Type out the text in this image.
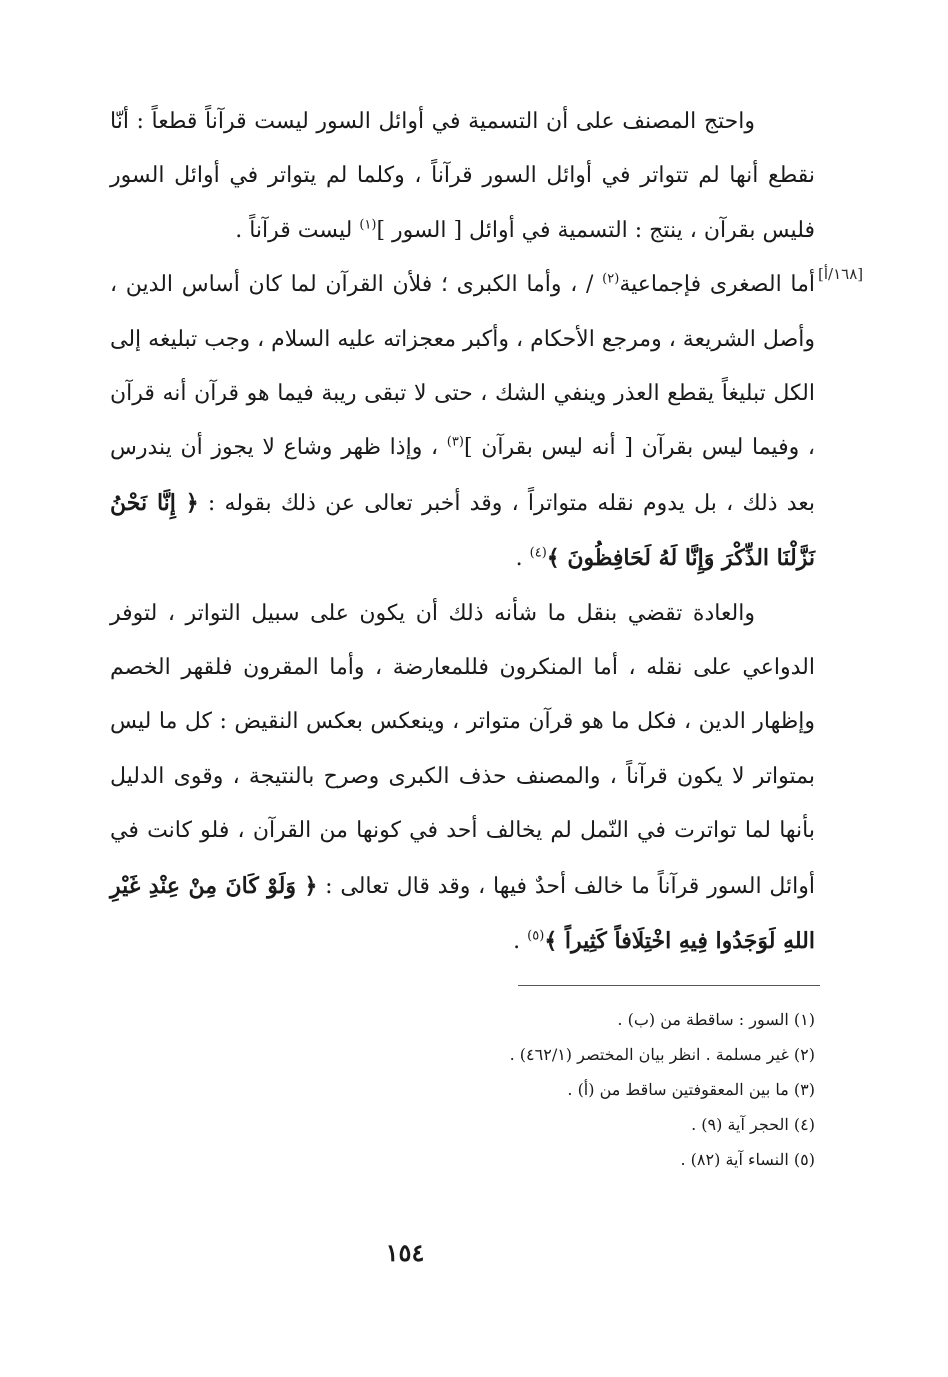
[١٦٨/أ]

واحتج المصنف على أن التسمية في أوائل السور ليست قرآناً قطعاً : أنّا نقطع أنها لم تتواتر في أوائل السور قرآناً ، وكلما لم يتواتر في أوائل السور فليس بقرآن ، ينتج : التسمية في أوائل [ السور ]$^{(١)}$ ليست قرآناً .

أما الصغرى فإجماعية$^{(٢)}$ / ، وأما الكبرى ؛ فلأن القرآن لما كان أساس الدين ، وأصل الشريعة ، ومرجع الأحكام ، وأكبر معجزاته عليه السلام ، وجب تبليغه إلى الكل تبليغاً يقطع العذر وينفي الشك ، حتى لا تبقى ريبة فيما هو قرآن أنه قرآن ، وفيما ليس بقرآن [ أنه ليس بقرآن ]$^{(٣)}$ ، وإذا ظهر وشاع لا يجوز أن يندرس بعد ذلك ، بل يدوم نقله متواتراً ، وقد أخبر تعالى عن ذلك بقوله : ﴿ إِنَّا نَحْنُ نَزَّلْنَا الذِّكْرَ وَإِنَّا لَهُ لَحَافِظُونَ ﴾$^{(٤)}$ .

والعادة تقضي بنقل ما شأنه ذلك أن يكون على سبيل التواتر ، لتوفر الدواعي على نقله ، أما المنكرون فللمعارضة ، وأما المقرون فلقهر الخصم وإظهار الدين ، فكل ما هو قرآن متواتر ، وينعكس بعكس النقيض : كل ما ليس بمتواتر لا يكون قرآناً ، والمصنف حذف الكبرى وصرح بالنتيجة ، وقوى الدليل بأنها لما تواترت في النّمل لم يخالف أحد في كونها من القرآن ، فلو كانت في أوائل السور قرآناً ما خالف أحدٌ فيها ، وقد قال تعالى : ﴿ وَلَوْ كَانَ مِنْ عِنْدِ غَيْرِ اللهِ لَوَجَدُوا فِيهِ اخْتِلَافاً كَثِيراً ﴾$^{(٥)}$ .

(١) السور : ساقطة من (ب) .
(٢) غير مسلمة . انظر بيان المختصر (٤٦٢/١) .
(٣) ما بين المعقوفتين ساقط من (أ) .
(٤) الحجر آية (٩) .
(٥) النساء آية (٨٢) .
١٥٤
